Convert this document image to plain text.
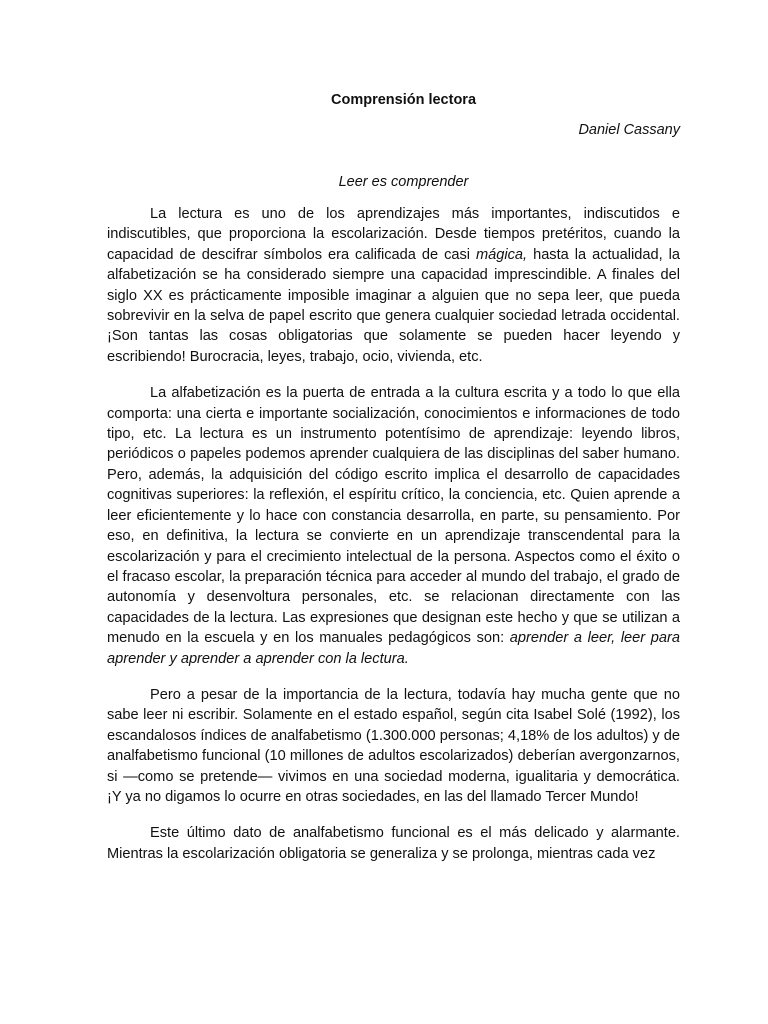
Comprensión lectora
Daniel Cassany
Leer es comprender

La lectura es uno de los aprendizajes más importantes, indiscutidos e indiscutibles, que proporciona la escolarización. Desde tiempos pretéritos, cuando la capacidad de descifrar símbolos era calificada de casi mágica, hasta la actualidad, la alfabetización se ha considerado siempre una capacidad imprescindible. A finales del siglo XX es prácticamente imposible imaginar a alguien que no sepa leer, que pueda sobrevivir en la selva de papel escrito que genera cualquier sociedad letrada occidental. ¡Son tantas las cosas obligatorias que solamente se pueden hacer leyendo y escribiendo! Burocracia, leyes, trabajo, ocio, vivienda, etc.

La alfabetización es la puerta de entrada a la cultura escrita y a todo lo que ella comporta: una cierta e importante socialización, conocimientos e informaciones de todo tipo, etc. La lectura es un instrumento potentísimo de aprendizaje: leyendo libros, periódicos o papeles podemos aprender cualquiera de las disciplinas del saber humano. Pero, además, la adquisición del código escrito implica el desarrollo de capacidades cognitivas superiores: la reflexión, el espíritu crítico, la conciencia, etc. Quien aprende a leer eficientemente y lo hace con constancia desarrolla, en parte, su pensamiento. Por eso, en definitiva, la lectura se convierte en un aprendizaje transcendental para la escolarización y para el crecimiento intelectual de la persona. Aspectos como el éxito o el fracaso escolar, la preparación técnica para acceder al mundo del trabajo, el grado de autonomía y desenvoltura personales, etc. se relacionan directamente con las capacidades de la lectura. Las expresiones que designan este hecho y que se utilizan a menudo en la escuela y en los manuales pedagógicos son: aprender a leer, leer para aprender y aprender a aprender con la lectura.

Pero a pesar de la importancia de la lectura, todavía hay mucha gente que no sabe leer ni escribir. Solamente en el estado español, según cita Isabel Solé (1992), los escandalosos índices de analfabetismo (1.300.000 personas; 4,18% de los adultos) y de analfabetismo funcional (10 millones de adultos escolarizados) deberían avergonzarnos, si —como se pretende— vivimos en una sociedad moderna, igualitaria y democrática. ¡Y ya no digamos lo ocurre en otras sociedades, en las del llamado Tercer Mundo!

Este último dato de analfabetismo funcional es el más delicado y alarmante. Mientras la escolarización obligatoria se generaliza y se prolonga, mientras cada vez
